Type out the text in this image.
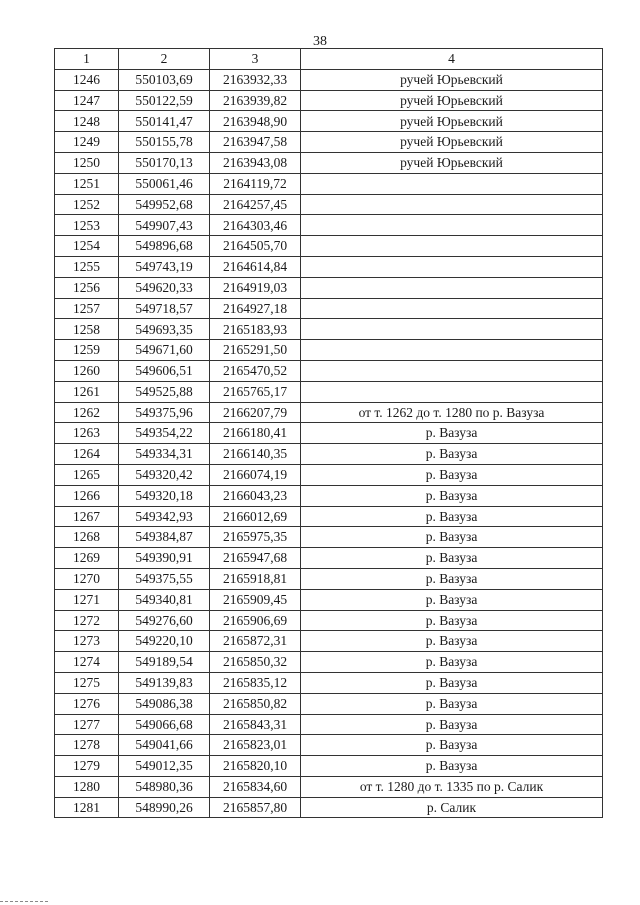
38
1	2	3	4
1246	550103,69	2163932,33	ручей Юрьевский
1247	550122,59	2163939,82	ручей Юрьевский
1248	550141,47	2163948,90	ручей Юрьевский
1249	550155,78	2163947,58	ручей Юрьевский
1250	550170,13	2163943,08	ручей Юрьевский
1251	550061,46	2164119,72	
1252	549952,68	2164257,45	
1253	549907,43	2164303,46	
1254	549896,68	2164505,70	
1255	549743,19	2164614,84	
1256	549620,33	2164919,03	
1257	549718,57	2164927,18	
1258	549693,35	2165183,93	
1259	549671,60	2165291,50	
1260	549606,51	2165470,52	
1261	549525,88	2165765,17	
1262	549375,96	2166207,79	от т. 1262 до т. 1280 по р. Вазуза
1263	549354,22	2166180,41	р. Вазуза
1264	549334,31	2166140,35	р. Вазуза
1265	549320,42	2166074,19	р. Вазуза
1266	549320,18	2166043,23	р. Вазуза
1267	549342,93	2166012,69	р. Вазуза
1268	549384,87	2165975,35	р. Вазуза
1269	549390,91	2165947,68	р. Вазуза
1270	549375,55	2165918,81	р. Вазуза
1271	549340,81	2165909,45	р. Вазуза
1272	549276,60	2165906,69	р. Вазуза
1273	549220,10	2165872,31	р. Вазуза
1274	549189,54	2165850,32	р. Вазуза
1275	549139,83	2165835,12	р. Вазуза
1276	549086,38	2165850,82	р. Вазуза
1277	549066,68	2165843,31	р. Вазуза
1278	549041,66	2165823,01	р. Вазуза
1279	549012,35	2165820,10	р. Вазуза
1280	548980,36	2165834,60	от т. 1280 до т. 1335 по р. Салик
1281	548990,26	2165857,80	р. Салик
